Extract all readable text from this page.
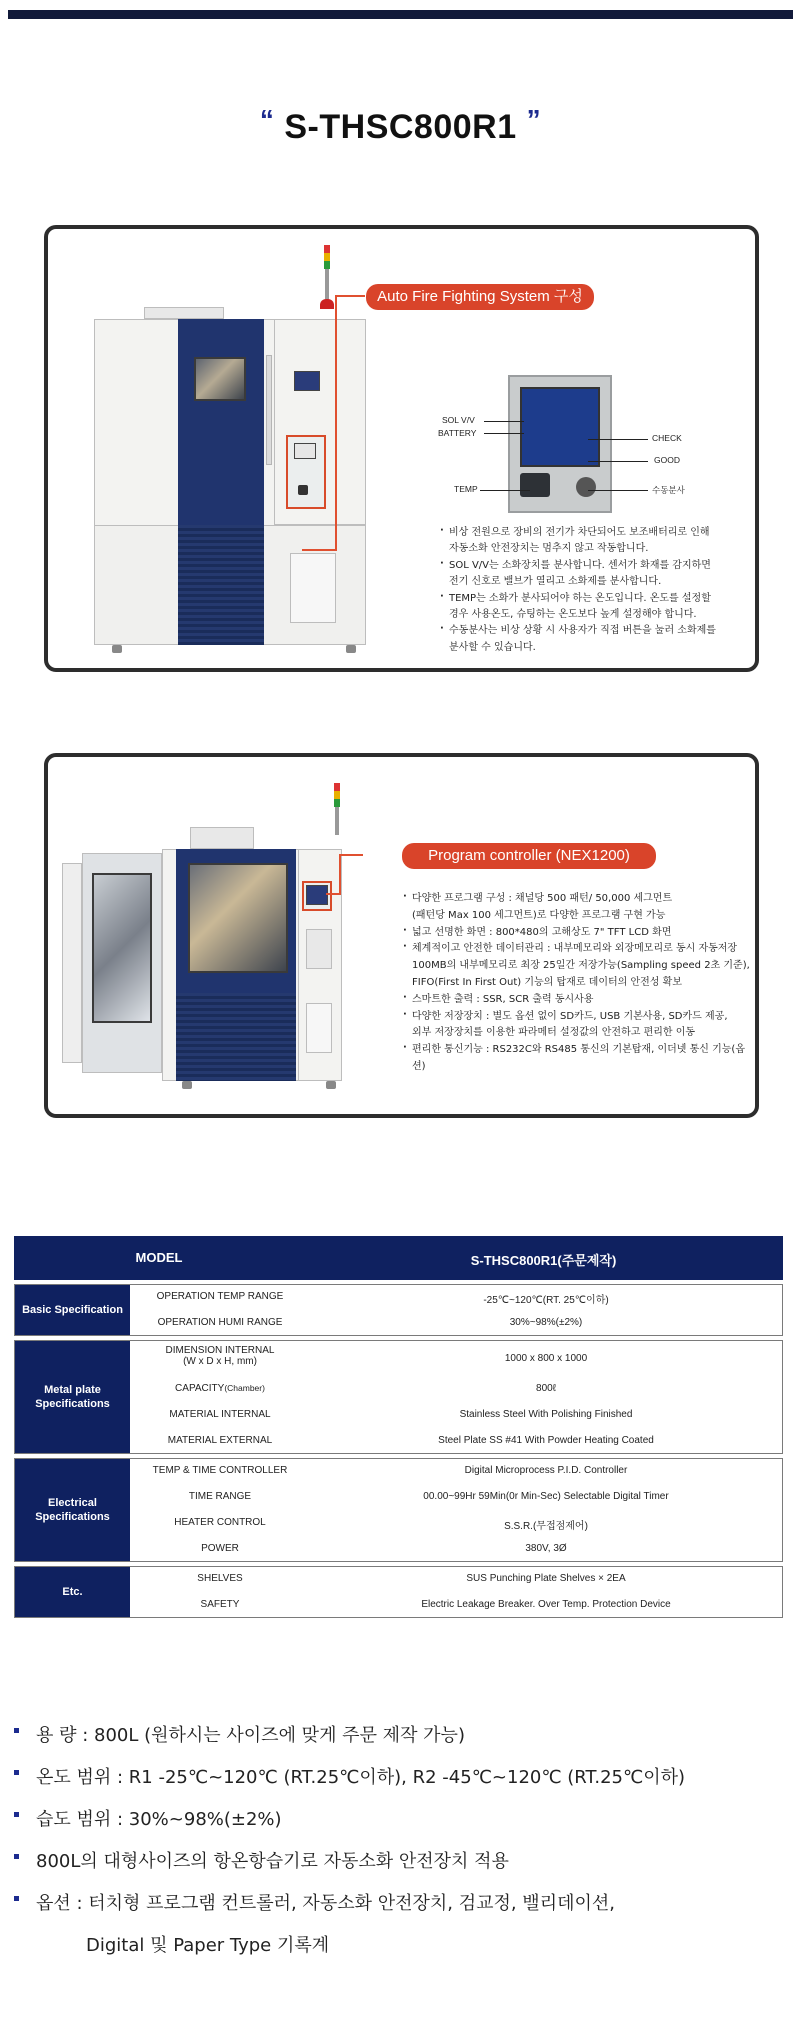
“ S-THSC800R1 ”
Auto Fire Fighting System 구성
SOL V/V
BATTERY
TEMP
CHECK
GOOD
수동분사
· 비상 전원으로 장비의 전기가 차단되어도 보조배터리로 인해
자동소화 안전장치는 멈추지 않고 작동합니다.
· SOL V/V는 소화장치를 분사합니다. 센서가 화재를 감지하면
전기 신호로 밸브가 열리고 소화제를 분사합니다.
· TEMP는 소화가 분사되어야 하는 온도입니다. 온도를 설정할
경우 사용온도, 슈팅하는 온도보다 높게 설정해야 합니다.
· 수동분사는 비상 상황 시 사용자가 직접 버튼을 눌러 소화제를
분사할 수 있습니다.
Program controller (NEX1200)
· 다양한 프로그램 구성 : 채널당 500 패턴/ 50,000 세그먼트
(패턴당 Max 100 세그먼트)로 다양한 프로그램 구현 가능
· 넓고 선명한 화면 : 800*480의 고해상도 7" TFT LCD 화면
· 체계적이고 안전한 데이터관리 : 내부메모리와 외장메모리로 동시 자동저장
100MB의 내부메모리로 최장 25일간 저장가능(Sampling speed 2초 기준),
FIFO(First In First Out) 기능의 탑재로 데이터의 안전성 확보
· 스마트한 출력 : SSR, SCR 출력 동시사용
· 다양한 저장장치 : 별도 옵션 없이 SD카드, USB 기본사용, SD카드 제공,
외부 저장장치를 이용한 파라메터 설정값의 안전하고 편리한 이동
· 편리한 통신기능 : RS232C와 RS485 통신의 기본탑재, 이더넷 통신 기능(옵션)
MODEL	S-THSC800R1(주문제작)
Basic Specification
OPERATION TEMP RANGE	-25℃~120℃(RT. 25℃이하)
OPERATION HUMI RANGE	30%~98%(±2%)
Metal plate Specifications
DIMENSION INTERNAL
(W x D x H, mm)	1000 x 800 x 1000
CAPACITY(Chamber)	800ℓ
MATERIAL INTERNAL	Stainless Steel With Polishing Finished
MATERIAL EXTERNAL	Steel Plate SS #41 With Powder Heating Coated
Electrical Specifications
TEMP & TIME CONTROLLER	Digital Microprocess P.I.D. Controller
TIME RANGE	00.00~99Hr 59Min(0r Min-Sec) Selectable Digital Timer
HEATER CONTROL	S.S.R.(무접점제어)
POWER	380V, 3Ø
Etc.
SHELVES	SUS Punching Plate Shelves × 2EA
SAFETY	Electric Leakage Breaker. Over Temp. Protection Device
용 량 : 800L (원하시는 사이즈에 맞게 주문 제작 가능)
온도 범위 : R1 -25℃~120℃ (RT.25℃이하), R2 -45℃~120℃ (RT.25℃이하)
습도 범위 : 30%~98%(±2%)
800L의 대형사이즈의 항온항습기로 자동소화 안전장치 적용
옵션 : 터치형 프로그램 컨트롤러, 자동소화 안전장치, 검교정, 밸리데이션,
Digital 및 Paper Type 기록계
